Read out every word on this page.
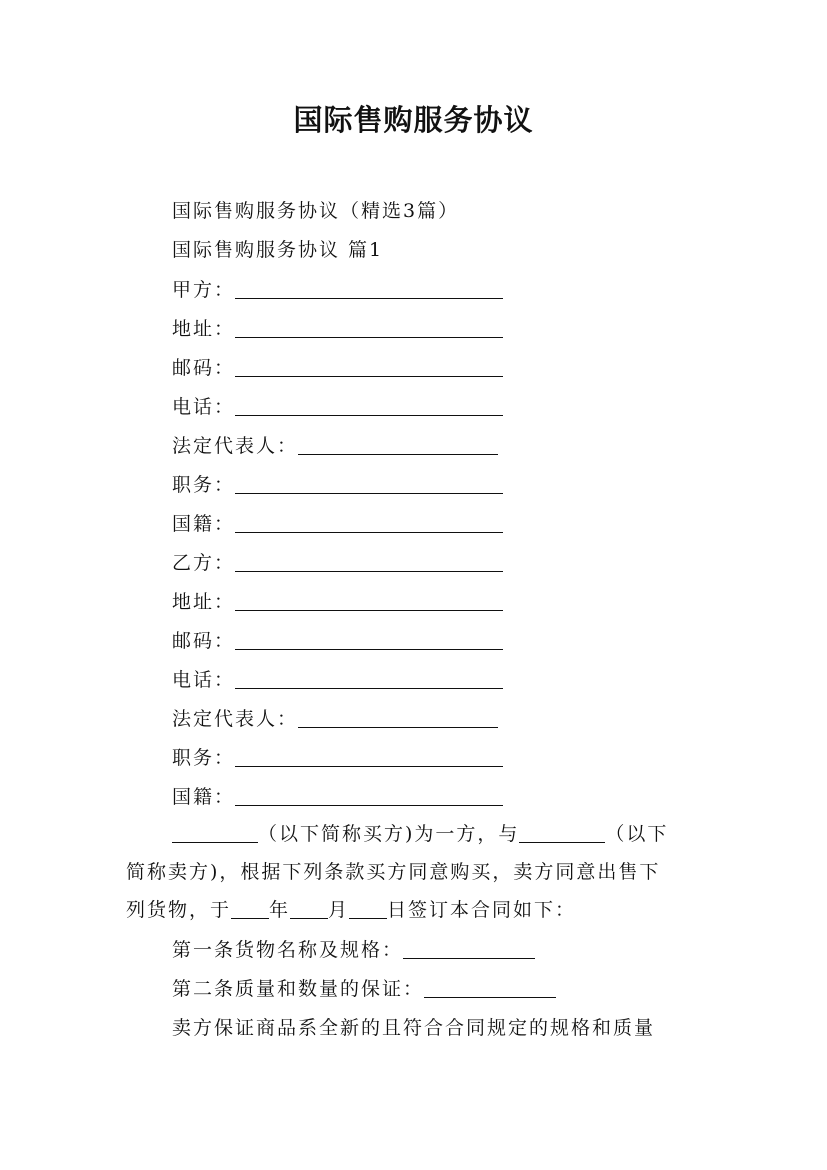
国际售购服务协议
国际售购服务协议（精选3篇）
国际售购服务协议 篇1
甲方：
地址：
邮码：
电话：
法定代表人：
职务：
国籍：
乙方：
地址：
邮码：
电话：
法定代表人：
职务：
国籍：
（以下简称买方)为一方，与	（以下
简称卖方)，根据下列条款买方同意购买，卖方同意出售下
列货物，于 年 月 日签订本合同如下：
第一条货物名称及规格：
第二条质量和数量的保证：
卖方保证商品系全新的且符合合同规定的规格和质量
